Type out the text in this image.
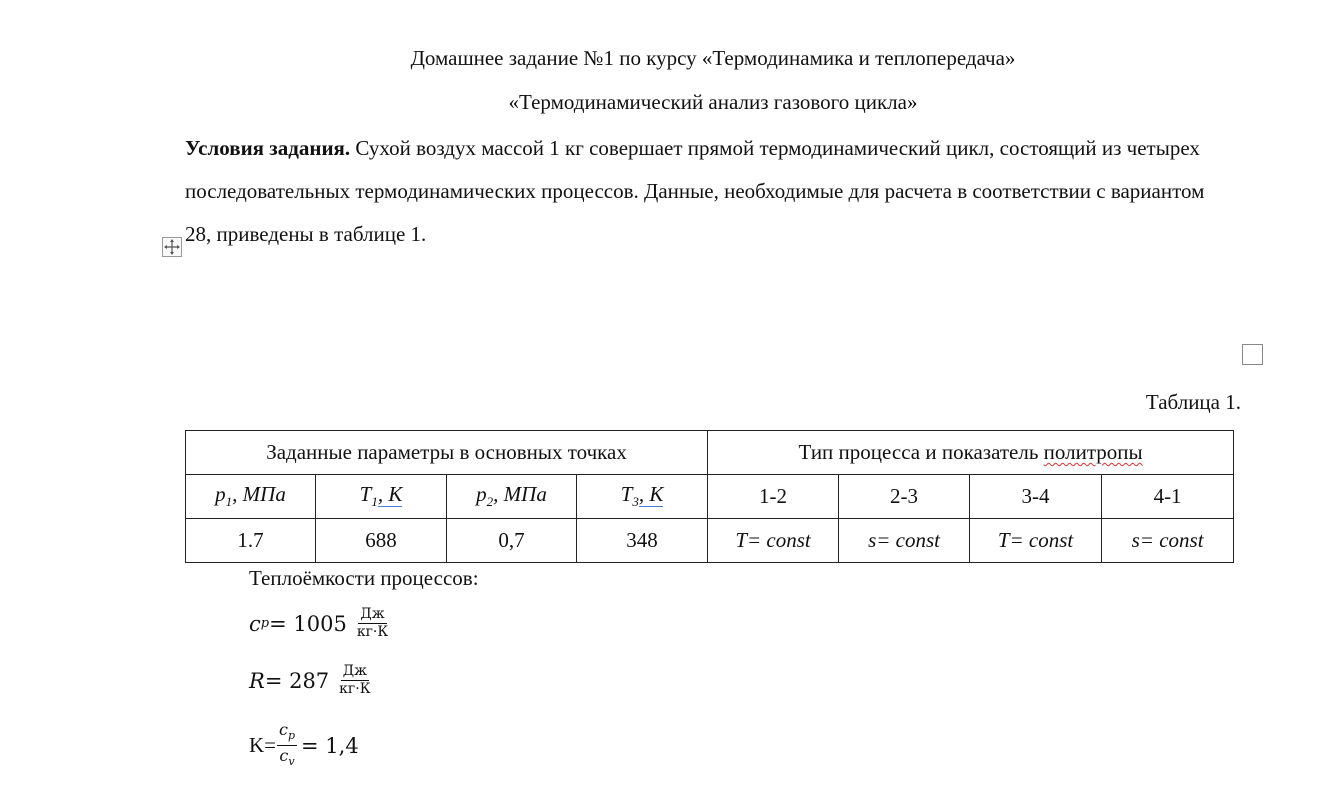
Домашнее задание №1 по курсу «Термодинамика и теплопередача»
«Термодинамический анализ газового цикла»
Условия задания. Сухой воздух массой 1 кг совершает прямой термодинамический цикл, состоящий из четырех последовательных термодинамических процессов. Данные, необходимые для расчета в соответствии с вариантом 28, приведены в таблице 1.
Таблица 1.
Заданные параметры в основных точках				Тип процесса и показатель политропы			
$p_1$, МПа	$T_1$, К	$p_2$, МПа	$T_3$, К	1-2	2-3	3-4	4-1
1.7	688	0,7	348	T= const	s= const	T= const	s= const
Теплоёмкости процессов:
c $p = 1005 \frac{Дж}{кг\cdot К}$
$R = 287 \frac{Дж}{кг\cdot К}$
$K= \frac{c_p}{c_v} = 1,4$
